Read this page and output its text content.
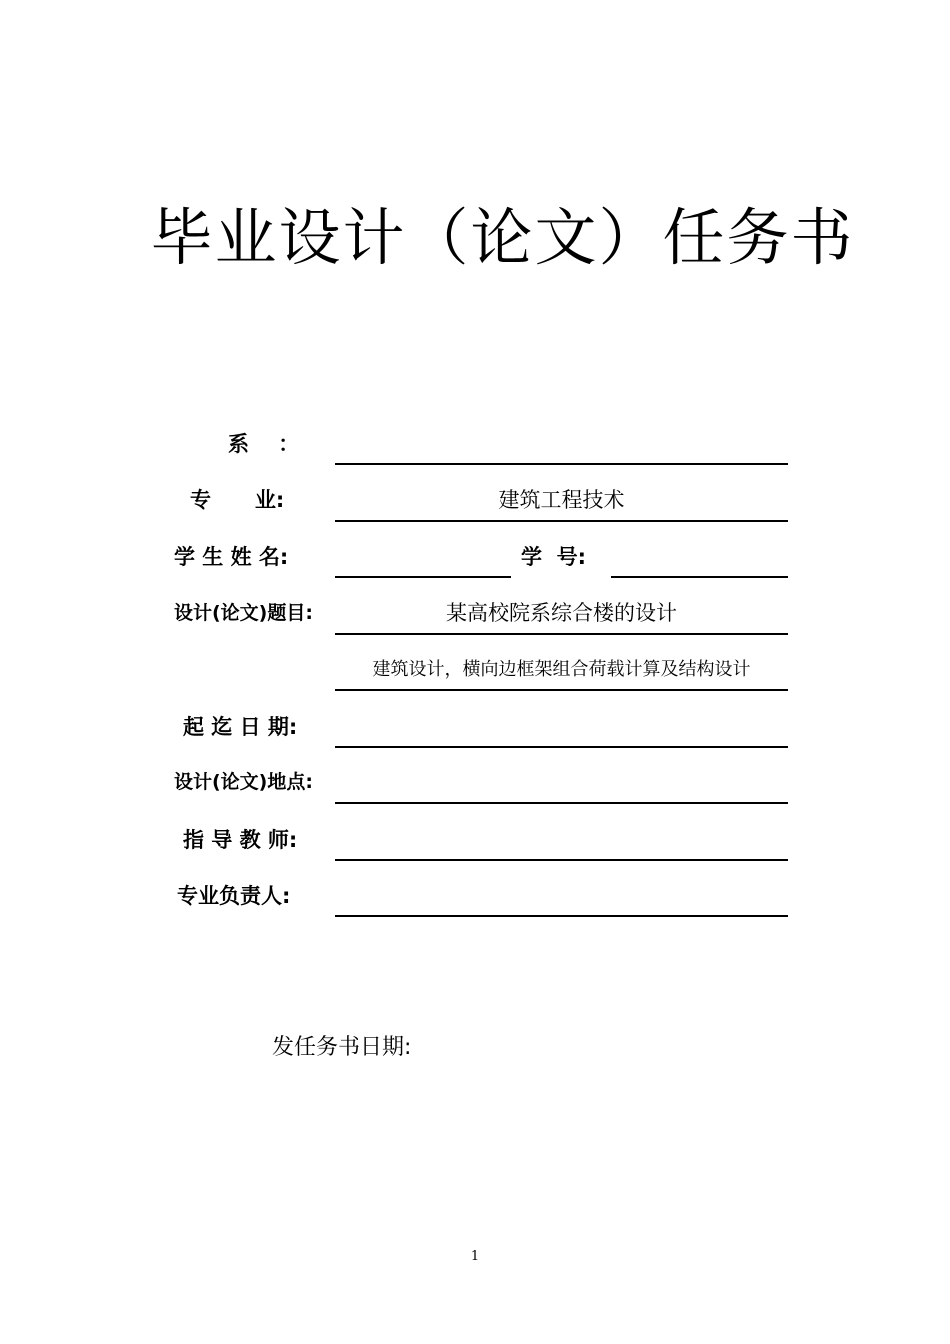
毕业设计（论文）任务书
系    ：
专      业:	建筑工程技术
学 生 姓 名:	学  号:
设计(论文)题目:	某高校院系综合楼的设计
建筑设计，横向边框架组合荷载计算及结构设计
起 迄 日 期:
设计(论文)地点:
指 导 教 师:
专业负责人:
发任务书日期:
1
